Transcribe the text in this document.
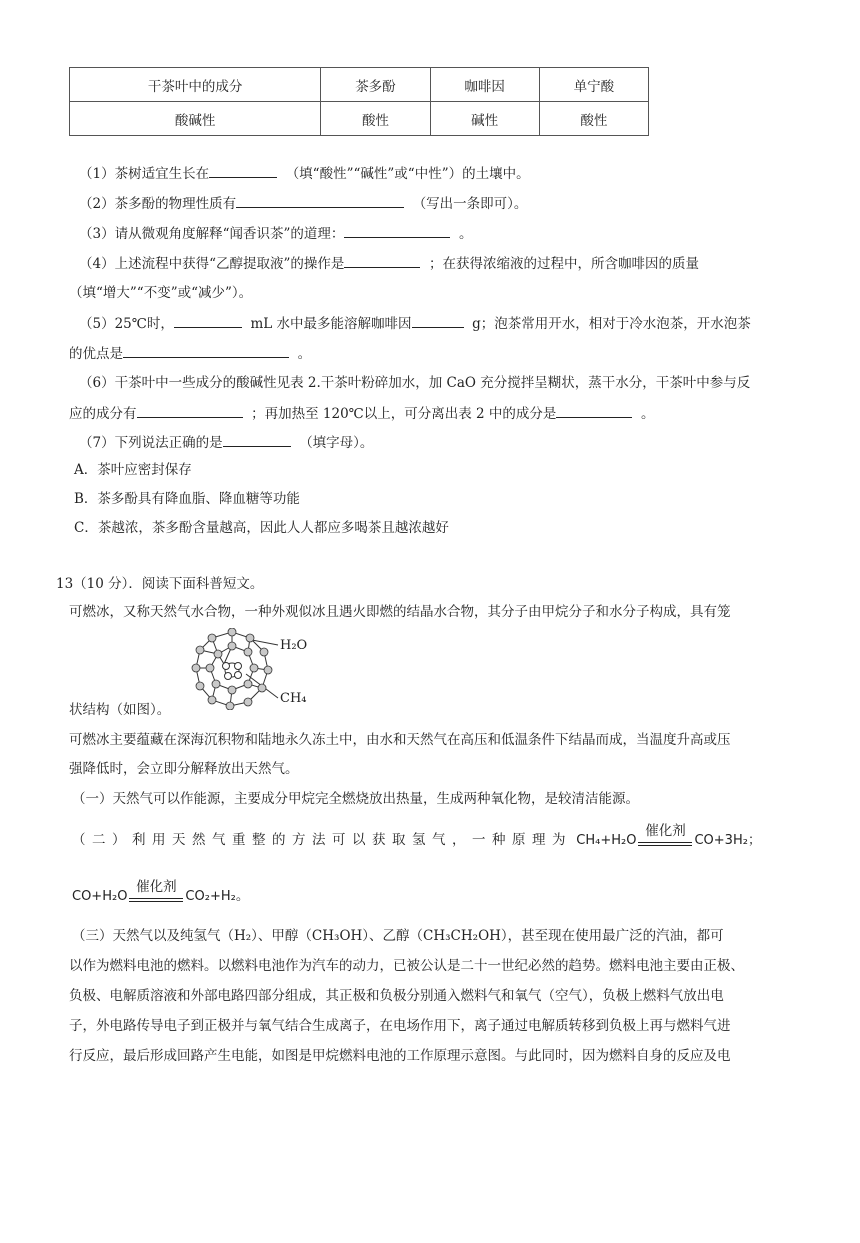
干茶叶中的成分	茶多酚	咖啡因	单宁酸
酸碱性	酸性	碱性	酸性
（1）茶树适宜生长在	（填“酸性”“碱性”或“中性”）的土壤中。
（2）茶多酚的物理性质有	（写出一条即可）。
（3）请从微观角度解释“闻香识茶”的道理：	。
（4）上述流程中获得“乙醇提取液”的操作是	；在获得浓缩液的过程中，所含咖啡因的质量
（填“增大”“不变”或“减少”）。
（5）25℃时，	mL 水中最多能溶解咖啡因	g；泡茶常用开水，相对于冷水泡茶，开水泡茶
的优点是	。
（6）干茶叶中一些成分的酸碱性见表 2.干茶叶粉碎加水，加 CaO 充分搅拌呈糊状，蒸干水分，干茶叶中参与反
应的成分有	；再加热至 120℃以上，可分离出表 2 中的成分是	。
（7）下列说法正确的是	（填字母）。
A．茶叶应密封保存
B．茶多酚具有降血脂、降血糖等功能
C．茶越浓，茶多酚含量越高，因此人人都应多喝茶且越浓越好
13（10 分）．阅读下面科普短文。
可燃冰，又称天然气水合物，一种外观似冰且遇火即燃的结晶水合物，其分子由甲烷分子和水分子构成，具有笼
H₂O
CH₄
状结构（如图）。
可燃冰主要蕴藏在深海沉积物和陆地永久冻土中，由水和天然气在高压和低温条件下结晶而成，当温度升高或压
强降低时，会立即分解释放出天然气。
（一）天然气可以作能源，主要成分甲烷完全燃烧放出热量，生成两种氧化物，是较清洁能源。
（二）利用天然气重整的方法可以获取氢气，一种原理为 CH₄+H₂O
催化剂
CO+3H₂；
CO+H₂O
催化剂
CO₂+H₂。
（三）天然气以及纯氢气（H₂）、甲醇（CH₃OH）、乙醇（CH₃CH₂OH），甚至现在使用最广泛的汽油，都可
以作为燃料电池的燃料。以燃料电池作为汽车的动力，已被公认是二十一世纪必然的趋势。燃料电池主要由正极、
负极、电解质溶液和外部电路四部分组成，其正极和负极分别通入燃料气和氧气（空气），负极上燃料气放出电
子，外电路传导电子到正极并与氧气结合生成离子，在电场作用下，离子通过电解质转移到负极上再与燃料气进
行反应，最后形成回路产生电能，如图是甲烷燃料电池的工作原理示意图。与此同时，因为燃料自身的反应及电
